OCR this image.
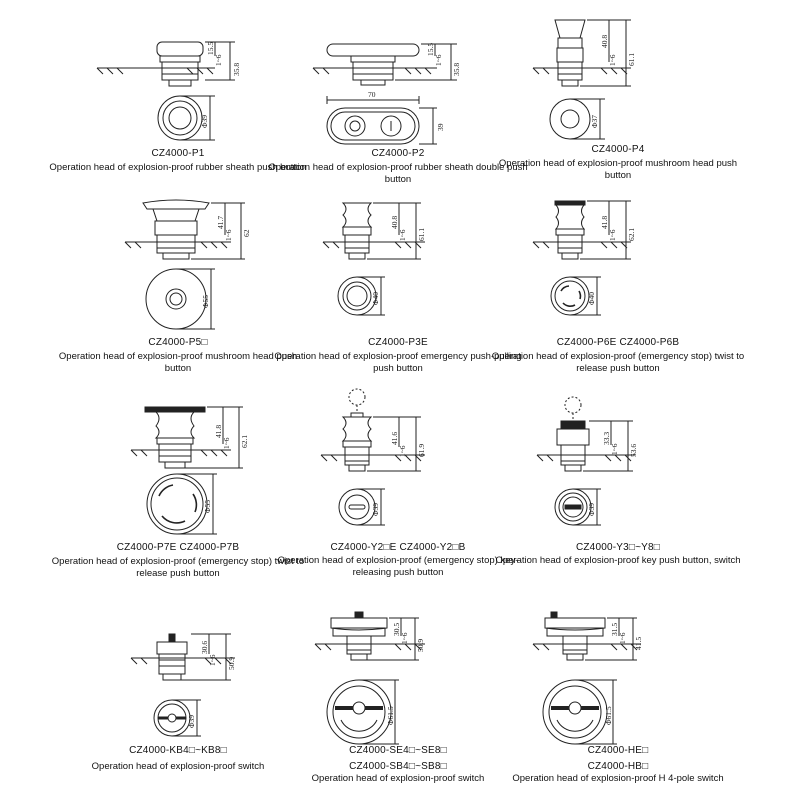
15.5
1~6
35.8
Φ39
CZ4000-P1
Operation head of explosion-proof rubber sheath push button
15.5
1~6
35.8
70
39
CZ4000-P2
Operation head of explosion-proof rubber sheath double push button
40.8
1~6 61.1
Φ37
CZ4000-P4
Operation head of explosion-proof mushroom head push button
41.7
1~6 62
Φ55
CZ4000-P5□
Operation head of explosion-proof mushroom head push button
40.8
1~6 61.1
Φ40
CZ4000-P3E
Operation head of explosion-proof emergency push-pulling push button
41.8
1~6 62.1
Φ40
CZ4000-P6E CZ4000-P6B
Operation head of explosion-proof (emergency stop) twist to release push button
41.8
1~6 62.1
Φ55
CZ4000-P7E CZ4000-P7B
Operation head of explosion-proof (emergency stop) twist to release push button
41.6
1~6 61.9
Φ39
CZ4000-Y2□E CZ4000-Y2□B
Operation head of explosion-proof (emergency stop) key-releasing push button
33.3
1~6 53.6
Φ39
CZ4000-Y3□~Y8□
Operation head of explosion-proof key push button, switch
30.6
1~6 50.9
Φ39
CZ4000-KB4□~KB8□
Operation head of explosion-proof switch
30.5
1~6
50.9
Φ61.5
CZ4000-SE4□~SE8□
CZ4000-SB4□~SB8□
Operation head of explosion-proof switch
31.5
1~6 41.5
Φ61.5
CZ4000-HE□
CZ4000-HB□
Operation head of explosion-proof H 4-pole switch
